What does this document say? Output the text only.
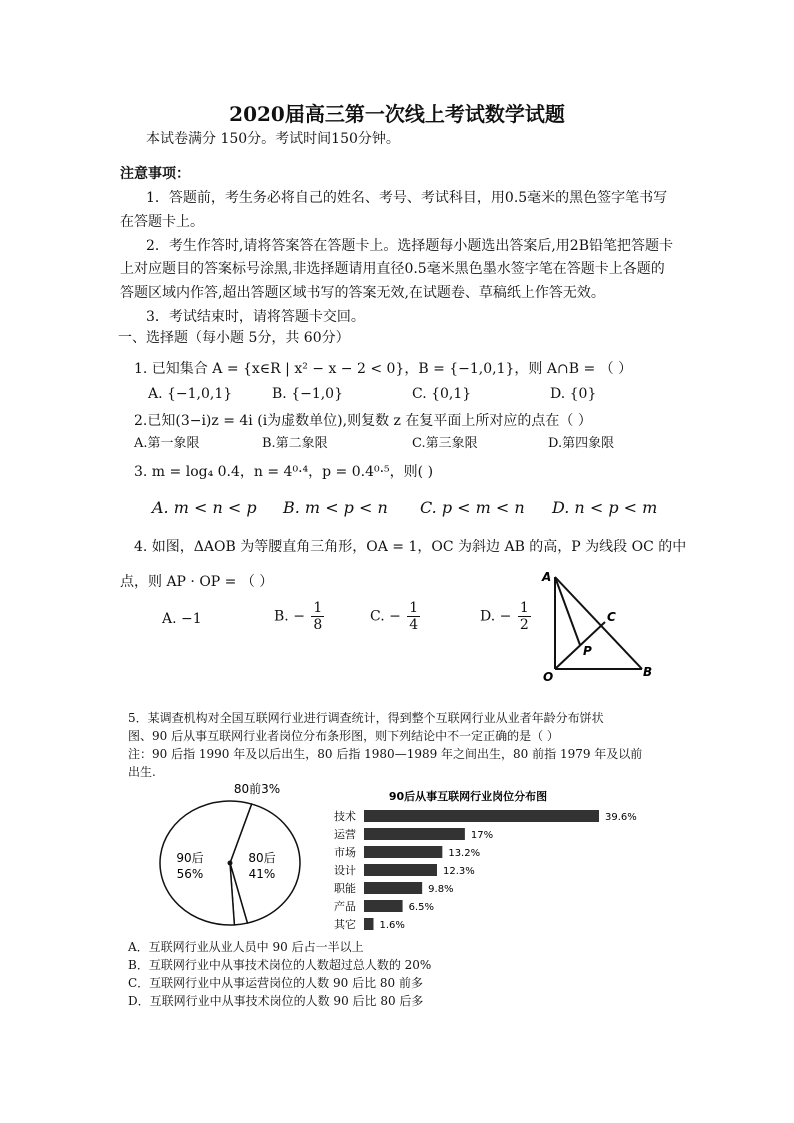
2020届高三第一次线上考试数学试题
本试卷满分 150分。考试时间150分钟。
注意事项：
1．答题前，考生务必将自己的姓名、考号、考试科目，用0.5毫米的黑色签字笔书写
在答题卡上。
2．考生作答时,请将答案答在答题卡上。选择题每小题选出答案后,用2B铅笔把答题卡
上对应题目的答案标号涂黑,非选择题请用直径0.5毫米黑色墨水签字笔在答题卡上各题的
答题区域内作答,超出答题区域书写的答案无效,在试题卷、草稿纸上作答无效。
3．考试结束时，请将答题卡交回。
一、选择题（每小题 5分，共 60分）
1. 已知集合 A = {x∈R | x² − x − 2 < 0}，B = {−1,0,1}，则 A∩B = （ ）
A. {−1,0,1}	B. {−1,0}	C. {0,1}	D. {0}
2.已知(3−i)z = 4i (i为虚数单位),则复数 z 在复平面上所对应的点在（ ）
A.第一象限	B.第二象限	C.第三象限	D.第四象限
3. m = log₄ 0.4，n = 4⁰·⁴，p = 0.4⁰·⁵，则( )
A. m < n < p B. m < p < n C. p < m < n D. n < p < m
4. 如图，ΔAOB 为等腰直角三角形，OA = 1，OC 为斜边 AB 的高，P 为线段 OC 的中
点，则 AP · OP = （ ）
A. −1	B. − $\frac{1}{8}$	C. − $\frac{1}{4}$	D. − $\frac{1}{2}$
A
C
P
O	B
5．某调查机构对全国互联网行业进行调查统计，得到整个互联网行业从业者年龄分布饼状
图、90 后从事互联网行业者岗位分布条形图，则下列结论中不一定正确的是（ ）
注：90 后指 1990 年及以后出生，80 后指 1980—1989 年之间出生，80 前指 1979 年及以前
出生.
90后
56%
80后
41%
80前3%
90后从事互联网行业岗位分布图
技术	39.6%
运营	17%
市场	13.2%
设计	12.3%
职能	9.8%
产品	6.5%
其它 1.6%
A．互联网行业从业人员中 90 后占一半以上
B．互联网行业中从事技术岗位的人数超过总人数的 20%
C．互联网行业中从事运营岗位的人数 90 后比 80 前多
D．互联网行业中从事技术岗位的人数 90 后比 80 后多
